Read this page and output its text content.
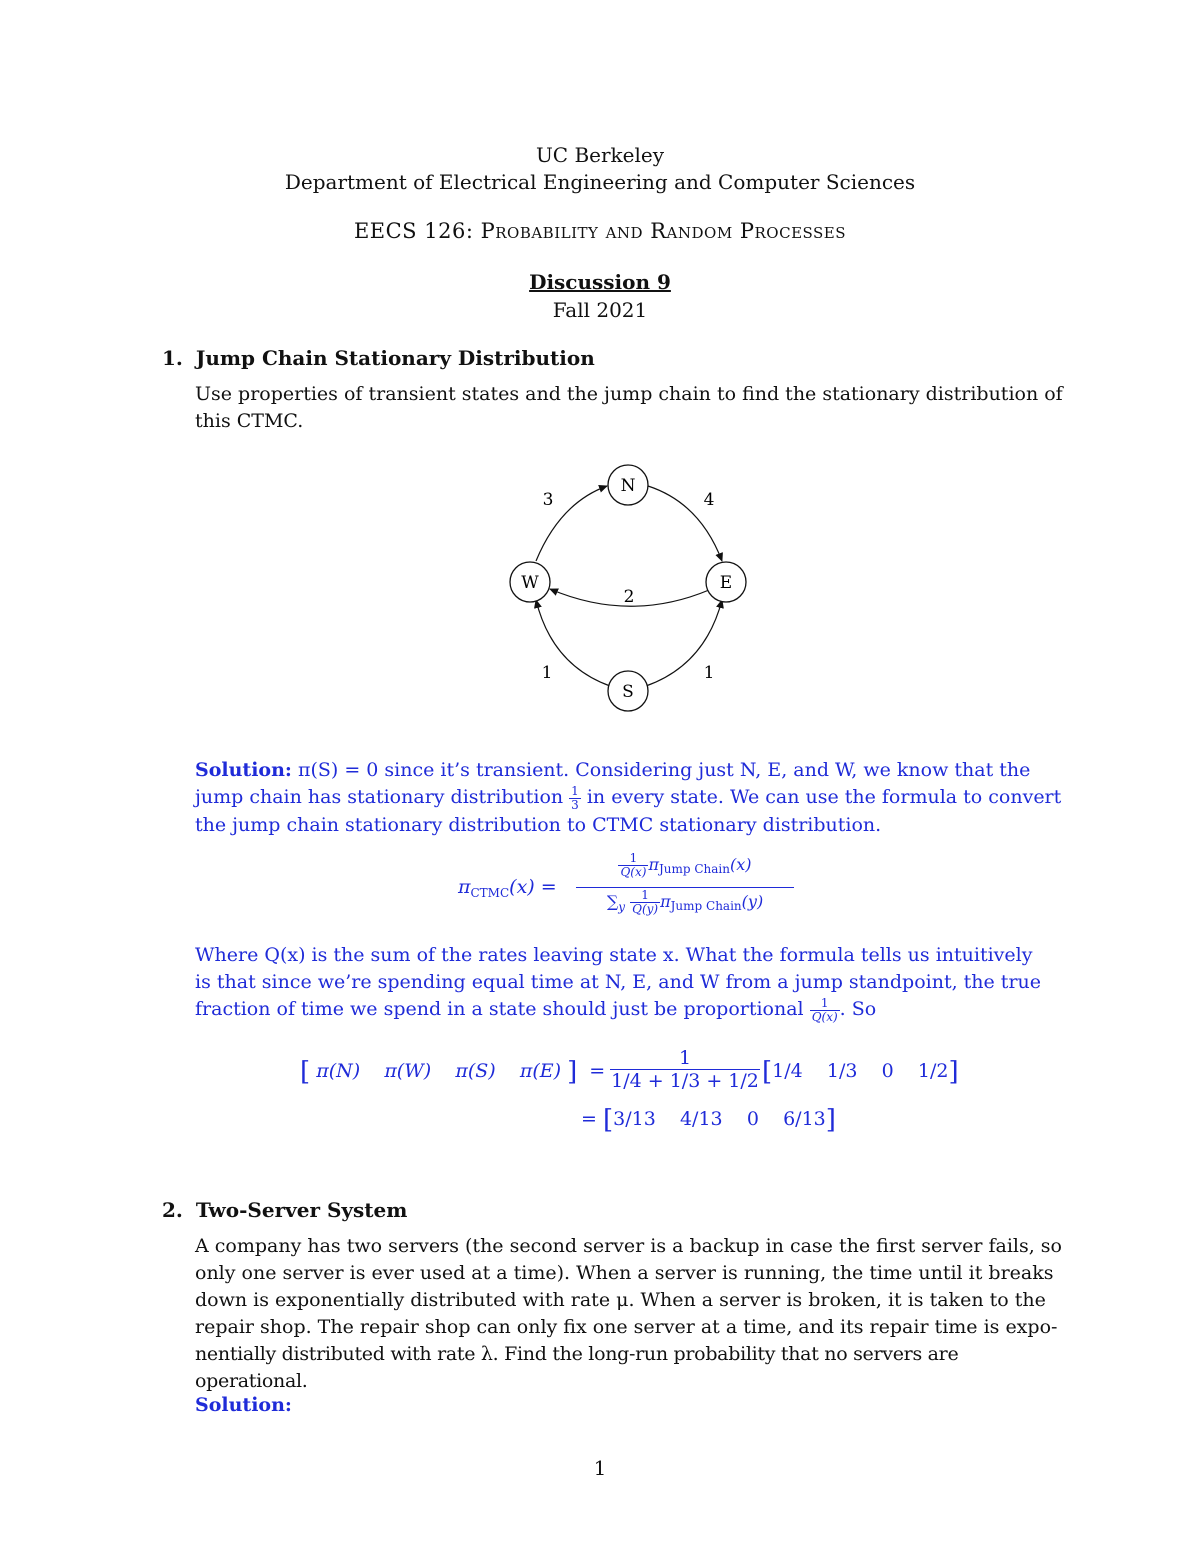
UC Berkeley
Department of Electrical Engineering and Computer Sciences
EECS 126: Probability and Random Processes
Discussion 9
Fall 2021
1. Jump Chain Stationary Distribution
Use properties of transient states and the jump chain to find the stationary distribution of
this CTMC.
N
E
W
S
3	4
2
1	1
Solution: π(S) = 0 since it’s transient. Considering just N, E, and W, we know that the
jump chain has stationary distribution $\frac{1}{3}$ in every state. We can use the formula to convert
the jump chain stationary distribution to CTMC stationary distribution.
$\pi_{CTMC}(x)$ =
$\frac{1}{Q(x)}$ πJump Chain(x)
$\sum_y \frac{1}{Q(y)}$ πJump Chain(y)
Where Q(x) is the sum of the rates leaving state x. What the formula tells us intuitively
is that since we’re spending equal time at N, E, and W from a jump standpoint, the true
fraction of time we spend in a state should just be proportional $\frac{1}{Q(x)}$ . So
[ π(N) π(W) π(S) π(E) ] = $\frac{1}{1/4 + 1/3 + 1/2} [1/4$ 1/3 0 1/2]
= [3/13 4/13 0 6/13]
2. Two-Server System
A company has two servers (the second server is a backup in case the first server fails, so
only one server is ever used at a time). When a server is running, the time until it breaks
down is exponentially distributed with rate μ. When a server is broken, it is taken to the
repair shop. The repair shop can only fix one server at a time, and its repair time is expo-
nentially distributed with rate λ. Find the long-run probability that no servers are operational.
Solution:
1
